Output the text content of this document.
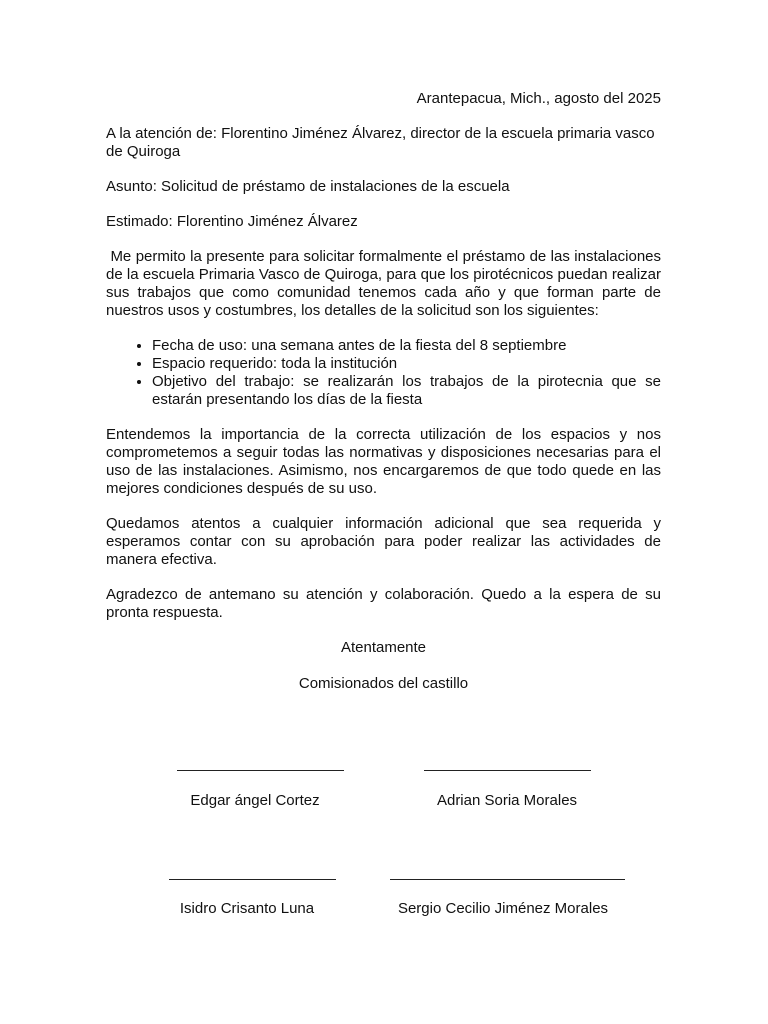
Arantepacua, Mich., agosto del 2025

A la atención de: Florentino Jiménez Álvarez, director de la escuela primaria vasco de Quiroga

Asunto: Solicitud de préstamo de instalaciones de la escuela

Estimado: Florentino Jiménez Álvarez

Me permito la presente para solicitar formalmente el préstamo de las instalaciones de la escuela Primaria Vasco de Quiroga, para que los pirotécnicos puedan realizar sus trabajos que como comunidad tenemos cada año y que forman parte de nuestros usos y costumbres, los detalles de la solicitud son los siguientes:

• Fecha de uso: una semana antes de la fiesta del 8 septiembre
• Espacio requerido: toda la institución
• Objetivo del trabajo: se realizarán los trabajos de la pirotecnia que se estarán presentando los días de la fiesta

Entendemos la importancia de la correcta utilización de los espacios y nos comprometemos a seguir todas las normativas y disposiciones necesarias para el uso de las instalaciones. Asimismo, nos encargaremos de que todo quede en las mejores condiciones después de su uso.

Quedamos atentos a cualquier información adicional que sea requerida y esperamos contar con su aprobación para poder realizar las actividades de manera efectiva.

Agradezco de antemano su atención y colaboración. Quedo a la espera de su pronta respuesta.

Atentamente

Comisionados del castillo

Edgar ángel Cortez	Adrian Soria Morales
Isidro Crisanto Luna	Sergio Cecilio Jiménez Morales
